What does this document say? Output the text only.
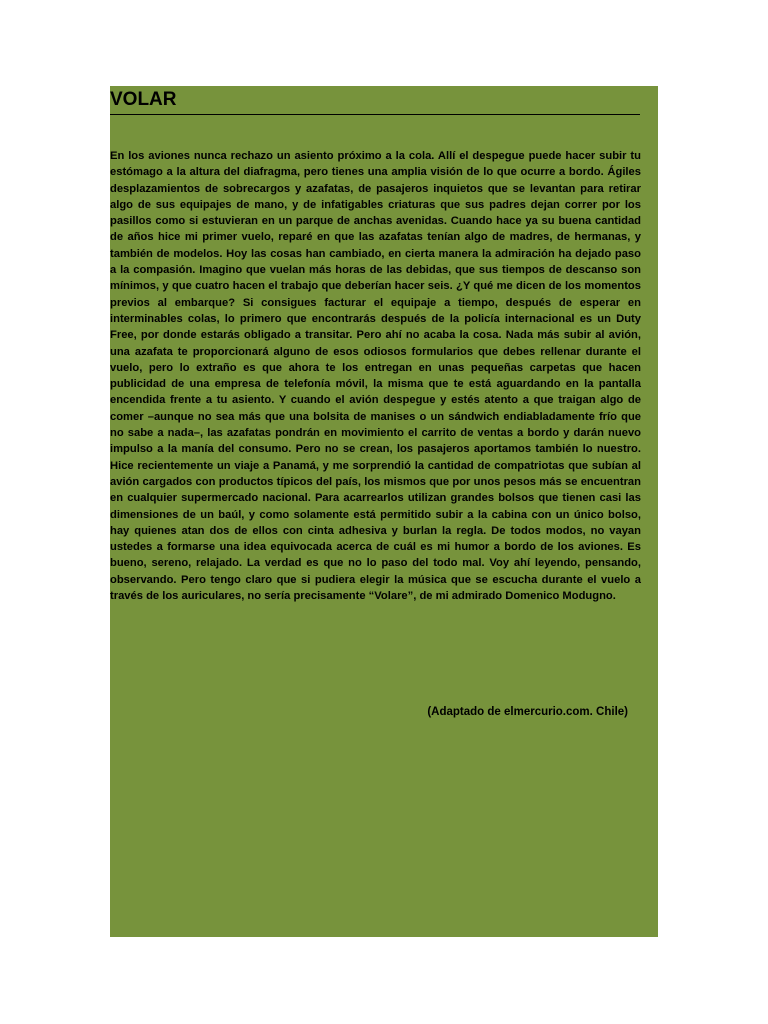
VOLAR

En los aviones nunca rechazo un asiento próximo a la cola. Allí el despegue puede hacer subir tu estómago a la altura del diafragma, pero tienes una amplia visión de lo que ocurre a bordo. Ágiles desplazamientos de sobrecargos y azafatas, de pasajeros inquietos que se levantan para retirar algo de sus equipajes de mano, y de infatigables criaturas que sus padres dejan correr por los pasillos como si estuvieran en un parque de anchas avenidas. Cuando hace ya su buena cantidad de años hice mi primer vuelo, reparé en que las azafatas tenían algo de madres, de hermanas, y también de modelos. Hoy las cosas han cambiado, en cierta manera la admiración ha dejado paso a la compasión. Imagino que vuelan más horas de las debidas, que sus tiempos de descanso son mínimos, y que cuatro hacen el trabajo que deberían hacer seis. ¿Y qué me dicen de los momentos previos al embarque? Si consigues facturar el equipaje a tiempo, después de esperar en interminables colas, lo primero que encontrarás después de la policía internacional es un Duty Free, por donde estarás obligado a transitar. Pero ahí no acaba la cosa. Nada más subir al avión, una azafata te proporcionará alguno de esos odiosos formularios que debes rellenar durante el vuelo, pero lo extraño es que ahora te los entregan en unas pequeñas carpetas que hacen publicidad de una empresa de telefonía móvil, la misma que te está aguardando en la pantalla encendida frente a tu asiento. Y cuando el avión despegue y estés atento a que traigan algo de comer –aunque no sea más que una bolsita de manises o un sándwich endiabladamente frío que no sabe a nada–, las azafatas pondrán en movimiento el carrito de ventas a bordo y darán nuevo impulso a la manía del consumo. Pero no se crean, los pasajeros aportamos también lo nuestro. Hice recientemente un viaje a Panamá, y me sorprendió la cantidad de compatriotas que subían al avión cargados con productos típicos del país, los mismos que por unos pesos más se encuentran en cualquier supermercado nacional. Para acarrearlos utilizan grandes bolsos que tienen casi las dimensiones de un baúl, y como solamente está permitido subir a la cabina con un único bolso, hay quienes atan dos de ellos con cinta adhesiva y burlan la regla. De todos modos, no vayan ustedes a formarse una idea equivocada acerca de cuál es mi humor a bordo de los aviones. Es bueno, sereno, relajado. La verdad es que no lo paso del todo mal. Voy ahí leyendo, pensando, observando. Pero tengo claro que si pudiera elegir la música que se escucha durante el vuelo a través de los auriculares, no sería precisamente “Volare”, de mi admirado Domenico Modugno.

(Adaptado de elmercurio.com. Chile)
